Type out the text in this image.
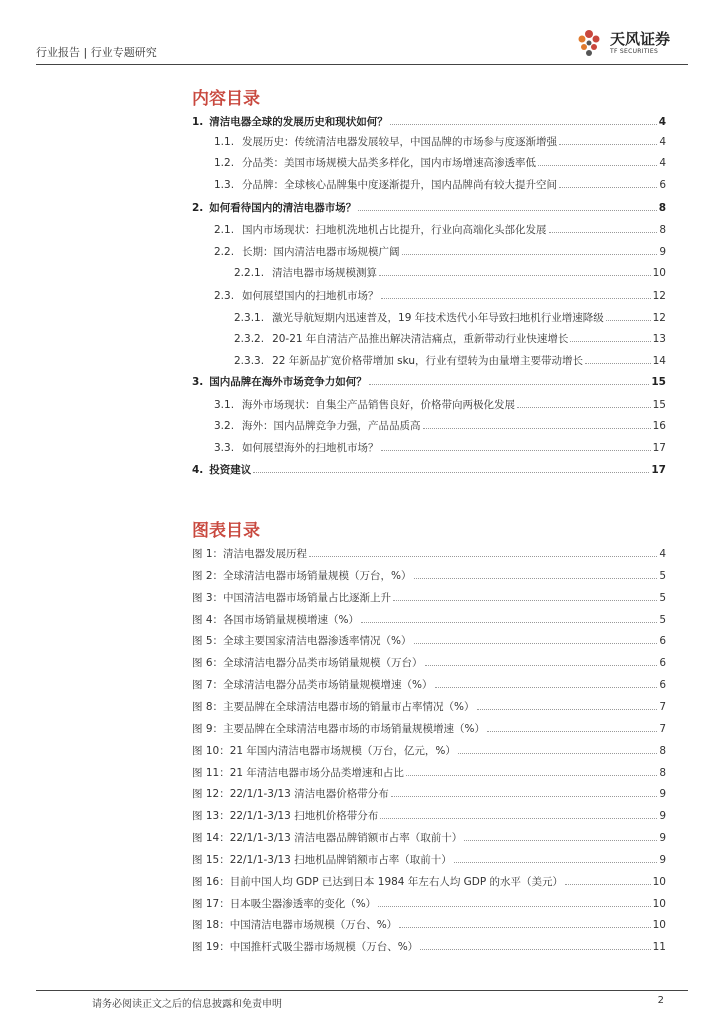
行业报告 | 行业专题研究
天风证券
TF SECURITIES
内容目录
1. 清洁电器全球的发展历史和现状如何？	4
1.1. 发展历史：传统清洁电器发展较早，中国品牌的市场参与度逐渐增强	4
1.2. 分品类：美国市场规模大品类多样化，国内市场增速高渗透率低	4
1.3. 分品牌：全球核心品牌集中度逐渐提升，国内品牌尚有较大提升空间	6
2. 如何看待国内的清洁电器市场？	8
2.1. 国内市场现状：扫地机洗地机占比提升，行业向高端化头部化发展	8
2.2. 长期：国内清洁电器市场规模广阔	9
2.2.1. 清洁电器市场规模测算	10
2.3. 如何展望国内的扫地机市场？	12
2.3.1. 激光导航短期内迅速普及，19 年技术迭代小年导致扫地机行业增速降级	12
2.3.2. 20-21 年自清洁产品推出解决清洁痛点，重新带动行业快速增长	13
2.3.3. 22 年新品扩宽价格带增加 sku，行业有望转为由量增主要带动增长	14
3. 国内品牌在海外市场竞争力如何？	15
3.1. 海外市场现状：自集尘产品销售良好，价格带向两极化发展	15
3.2. 海外：国内品牌竞争力强，产品品质高	16
3.3. 如何展望海外的扫地机市场？	17
4. 投资建议	17
图表目录
图 1：清洁电器发展历程	4
图 2：全球清洁电器市场销量规模（万台，%）	5
图 3：中国清洁电器市场销量占比逐渐上升	5
图 4：各国市场销量规模增速（%）	5
图 5：全球主要国家清洁电器渗透率情况（%）	6
图 6：全球清洁电器分品类市场销量规模（万台）	6
图 7：全球清洁电器分品类市场销量规模增速（%）	6
图 8：主要品牌在全球清洁电器市场的销量市占率情况（%）	7
图 9：主要品牌在全球清洁电器市场的市场销量规模增速（%）	7
图 10：21 年国内清洁电器市场规模（万台，亿元，%）	8
图 11：21 年清洁电器市场分品类增速和占比	8
图 12：22/1/1-3/13 清洁电器价格带分布	9
图 13：22/1/1-3/13 扫地机价格带分布	9
图 14：22/1/1-3/13 清洁电器品牌销额市占率（取前十）	9
图 15：22/1/1-3/13 扫地机品牌销额市占率（取前十）	9
图 16：目前中国人均 GDP 已达到日本 1984 年左右人均 GDP 的水平（美元）	10
图 17：日本吸尘器渗透率的变化（%）	10
图 18：中国清洁电器市场规模（万台、%）	10
图 19：中国推杆式吸尘器市场规模（万台、%）	11
请务必阅读正文之后的信息披露和免责申明	2
